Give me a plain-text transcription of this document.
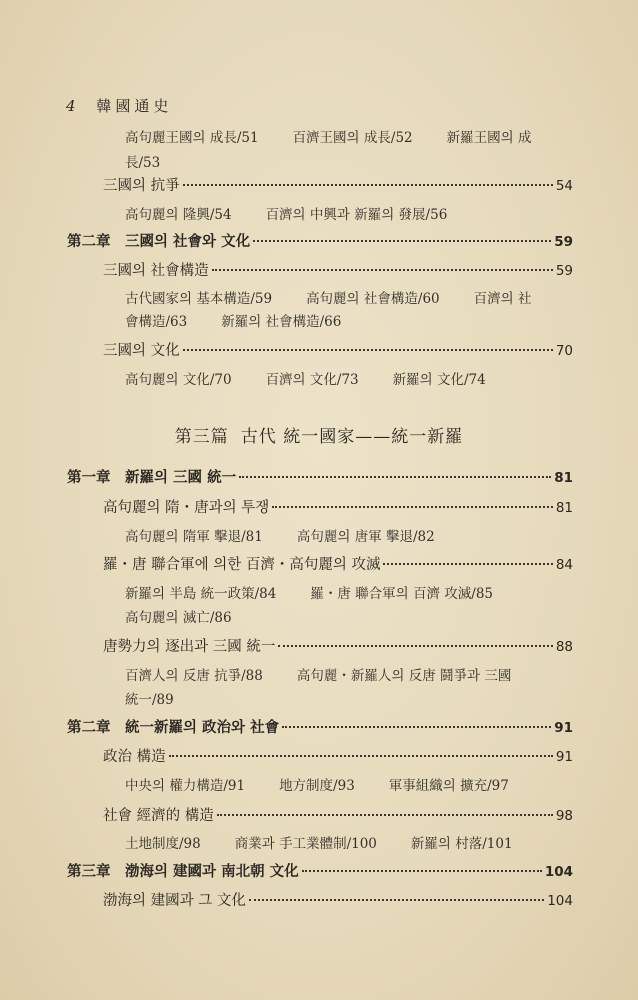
4 韓國通史
高句麗王國의 成長/51	百濟王國의 成長/52	新羅王國의 成
長/53
三國의 抗爭	54
高句麗의 隆興/54	百濟의 中興과 新羅의 發展/56
第二章　三國의 社會와 文化	59
三國의 社會構造	59
古代國家의 基本構造/59	高句麗의 社會構造/60	百濟의 社
會構造/63	新羅의 社會構造/66
三國의 文化	70
高句麗의 文化/70	百濟의 文化/73	新羅의 文化/74
第三篇 古代 統一國家——統一新羅
第一章　新羅의 三國 統一	81
高句麗의 隋・唐과의 투쟁	81
高句麗의 隋軍 擊退/81	高句麗의 唐軍 擊退/82
羅・唐 聯合軍에 의한 百濟・高句麗의 攻滅	84
新羅의 半島 統一政策/84	羅・唐 聯合軍의 百濟 攻滅/85
高句麗의 滅亡/86
唐勢力의 逐出과 三國 統一	88
百濟人의 反唐 抗爭/88	高句麗・新羅人의 反唐 鬪爭과 三國
統一/89
第二章　統一新羅의 政治와 社會	91
政治 構造	91
中央의 權力構造/91	地方制度/93	軍事組織의 擴充/97
社會 經濟的 構造	98
土地制度/98	商業과 手工業體制/100	新羅의 村落/101
第三章　渤海의 建國과 南北朝 文化	104
渤海의 建國과 그 文化	104
